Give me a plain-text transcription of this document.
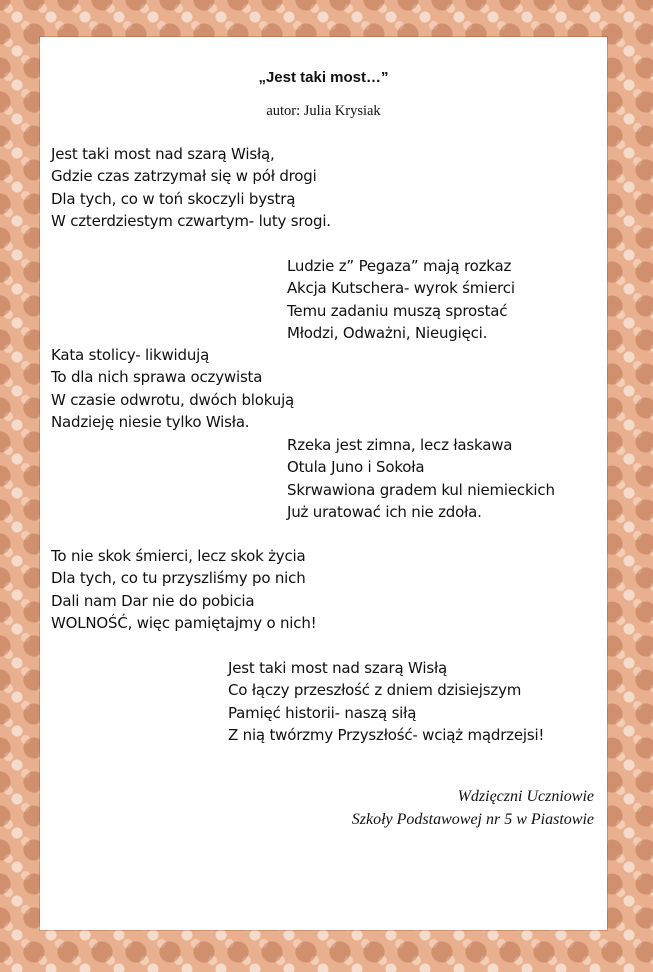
„Jest taki most…”
autor: Julia Krysiak
Jest taki most nad szarą Wisłą,
Gdzie czas zatrzymał się w pół drogi
Dla tych, co w toń skoczyli bystrą
W czterdziestym czwartym- luty srogi.
Ludzie z” Pegaza” mają rozkaz
Akcja Kutschera- wyrok śmierci
Temu zadaniu muszą sprostać
Młodzi, Odważni, Nieugięci.
Kata stolicy- likwidują
To dla nich sprawa oczywista
W czasie odwrotu, dwóch blokują
Nadzieję niesie tylko Wisła.
Rzeka jest zimna, lecz łaskawa
Otula Juno i Sokoła
Skrwawiona gradem kul niemieckich
Już uratować ich nie zdoła.
To nie skok śmierci, lecz skok życia
Dla tych, co tu przyszliśmy po nich
Dali nam Dar nie do pobicia
WOLNOŚĆ, więc pamiętajmy o nich!
Jest taki most nad szarą Wisłą
Co łączy przeszłość z dniem dzisiejszym
Pamięć historii- naszą siłą
Z nią twórzmy Przyszłość- wciąż mądrzejsi!
Wdzięczni Uczniowie
Szkoły Podstawowej nr 5 w Piastowie
